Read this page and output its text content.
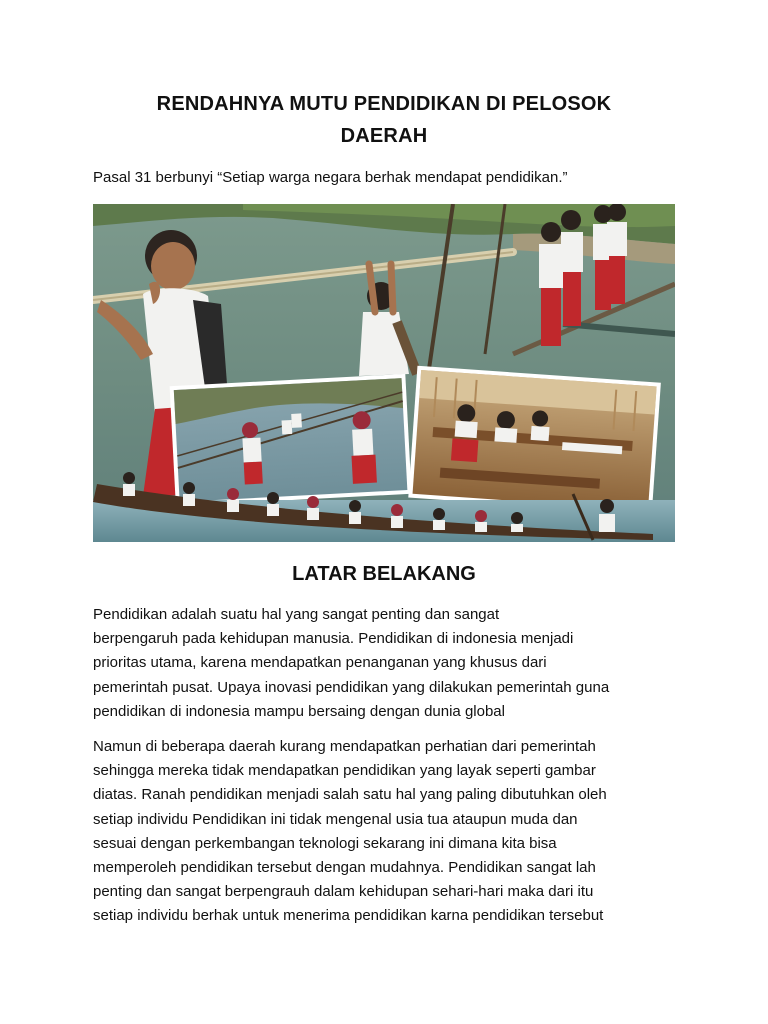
RENDAHNYA MUTU PENDIDIKAN DI PELOSOK
DAERAH
Pasal 31 berbunyi “Setiap warga negara berhak mendapat pendidikan.”
LATAR BELAKANG

Pendidikan adalah suatu hal yang sangat penting dan sangat
berpengaruh pada kehidupan manusia. Pendidikan di indonesia menjadi
prioritas utama, karena mendapatkan penanganan yang khusus dari
pemerintah pusat. Upaya inovasi pendidikan yang dilakukan pemerintah guna
pendidikan di indonesia mampu bersaing dengan dunia global

Namun di beberapa daerah kurang mendapatkan perhatian dari pemerintah
sehingga mereka tidak mendapatkan pendidikan yang layak seperti gambar
diatas. Ranah pendidikan menjadi salah satu hal yang paling dibutuhkan oleh
setiap individu Pendidikan ini tidak mengenal usia tua ataupun muda dan
sesuai dengan perkembangan teknologi sekarang ini dimana kita bisa
memperoleh pendidikan tersebut dengan mudahnya. Pendidikan sangat lah
penting dan sangat berpengrauh dalam kehidupan sehari-hari maka dari itu
setiap individu berhak untuk menerima pendidikan karna pendidikan tersebut
